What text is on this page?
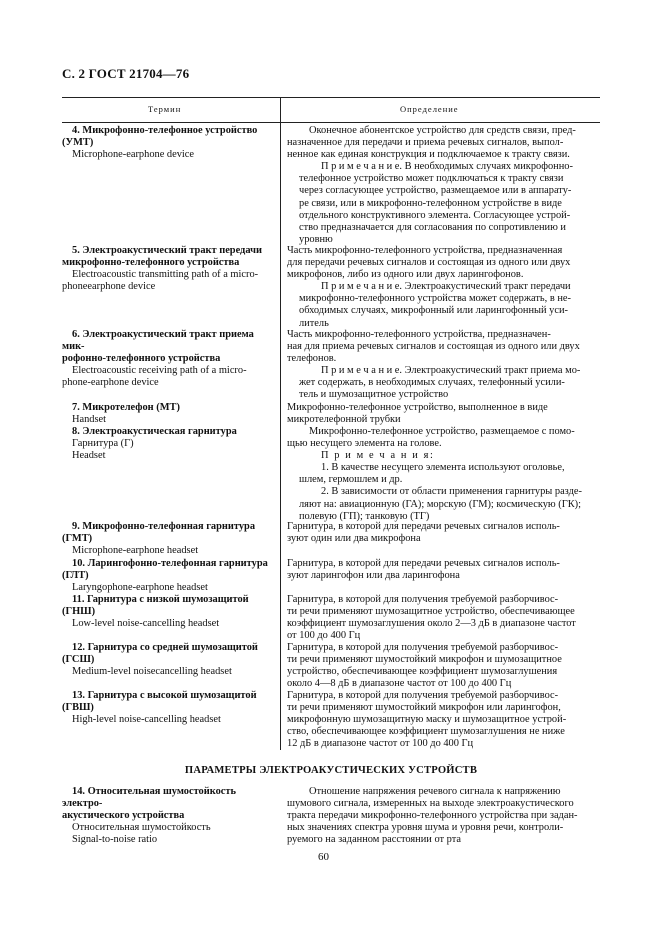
С. 2 ГОСТ 21704—76
Термин	Определение

4. Микрофонно-телефонное устройство

(УМТ)

Microphone-earphone device

Оконечное абонентское устройство для средств связи, пред-

назначенное для передачи и приема речевых сигналов, выпол-

ненное как единая конструкция и подключаемое к тракту связи.

П р и м е ч а н и е. В необходимых случаях микрофонно-

телефонное устройство может подключаться к тракту связи

через согласующее устройство, размещаемое или в аппарату-

ре связи, или в микрофонно-телефонном устройстве в виде

отдельного конструктивного элемента. Согласующее устрой-

ство предназначается для согласования по сопротивлению и

уровню

5. Электроакустический тракт передачи

микрофонно-телефонного устройства

Electroacoustic transmitting path of a micro-

phoneearphone device

Часть микрофонно-телефонного устройства, предназначенная

для передачи речевых сигналов и состоящая из одного или двух

микрофонов, либо из одного или двух ларингофонов.

П р и м е ч а н и е. Электроакустический тракт передачи

микрофонно-телефонного устройства может содержать, в не-

обходимых случаях, микрофонный или ларингофонный уси-

литель

6. Электроакустический тракт приема мик-

рофонно-телефонного устройства

Electroacoustic receiving path of a micro-

phone-earphone device

Часть микрофонно-телефонного устройства, предназначен-

ная для приема речевых сигналов и состоящая из одного или двух

телефонов.

П р и м е ч а н и е. Электроакустический тракт приема мо-

жет содержать, в необходимых случаях, телефонный усили-

тель и шумозащитное устройство

7. Микротелефон (МТ)

Handset

Микрофонно-телефонное устройство, выполненное в виде

микротелефонной трубки

8. Электроакустическая гарнитура

Гарнитура (Г)

Headset

Микрофонно-телефонное устройство, размещаемое с помо-

щью несущего элемента на голове.

П р и м е ч а н и я:

1. В качестве несущего элемента используют оголовье,

шлем, гермошлем и др.

2. В зависимости от области применения гарнитуры разде-

ляют на: авиационную (ГА); морскую (ГМ); космическую (ГК);

полевую (ГП); танковую (ТГ)

9. Микрофонно-телефонная гарнитура

(ГМТ)

Microphone-earphone headset

Гарнитура, в которой для передачи речевых сигналов исполь-

зуют один или два микрофона

10. Ларингофонно-телефонная гарнитура

(ГЛТ)

Laryngophone-earphone headset

Гарнитура, в которой для передачи речевых сигналов исполь-

зуют ларингофон или два ларингофона

11. Гарнитура с низкой шумозащитой

(ГНШ)

Low-level noise-cancelling headset

Гарнитура, в которой для получения требуемой разборчивос-

ти речи применяют шумозащитное устройство, обеспечивающее

коэффициент шумозаглушения около 2—3 дБ в диапазоне частот

от 100 до 400 Гц

12. Гарнитура со средней шумозащитой

(ГСШ)

Medium-level noisecancelling headset

Гарнитура, в которой для получения требуемой разборчивос-

ти речи применяют шумостойкий микрофон и шумозащитное

устройство, обеспечивающее коэффициент шумозаглушения

около 4—8 дБ в диапазоне частот от 100 до 400 Гц

13. Гарнитура с высокой шумозащитой

(ГВШ)

High-level noise-cancelling headset

Гарнитура, в которой для получения требуемой разборчивос-

ти речи применяют шумостойкий микрофон или ларингофон,

микрофонную шумозащитную маску и шумозащитное устрой-

ство, обеспечивающее коэффициент шумозаглушения не ниже

12 дБ в диапазоне частот от 100 до 400 Гц

ПАРАМЕТРЫ ЭЛЕКТРОАКУСТИЧЕСКИХ УСТРОЙСТВ

14. Относительная шумостойкость электро-

акустического устройства

Относительная шумостойкость

Signal-to-noise ratio

Отношение напряжения речевого сигнала к напряжению

шумового сигнала, измеренных на выходе электроакустического

тракта передачи микрофонно-телефонного устройства при задан-

ных значениях спектра уровня шума и уровня речи, контроли-

руемого на заданном расстоянии от рта

60
